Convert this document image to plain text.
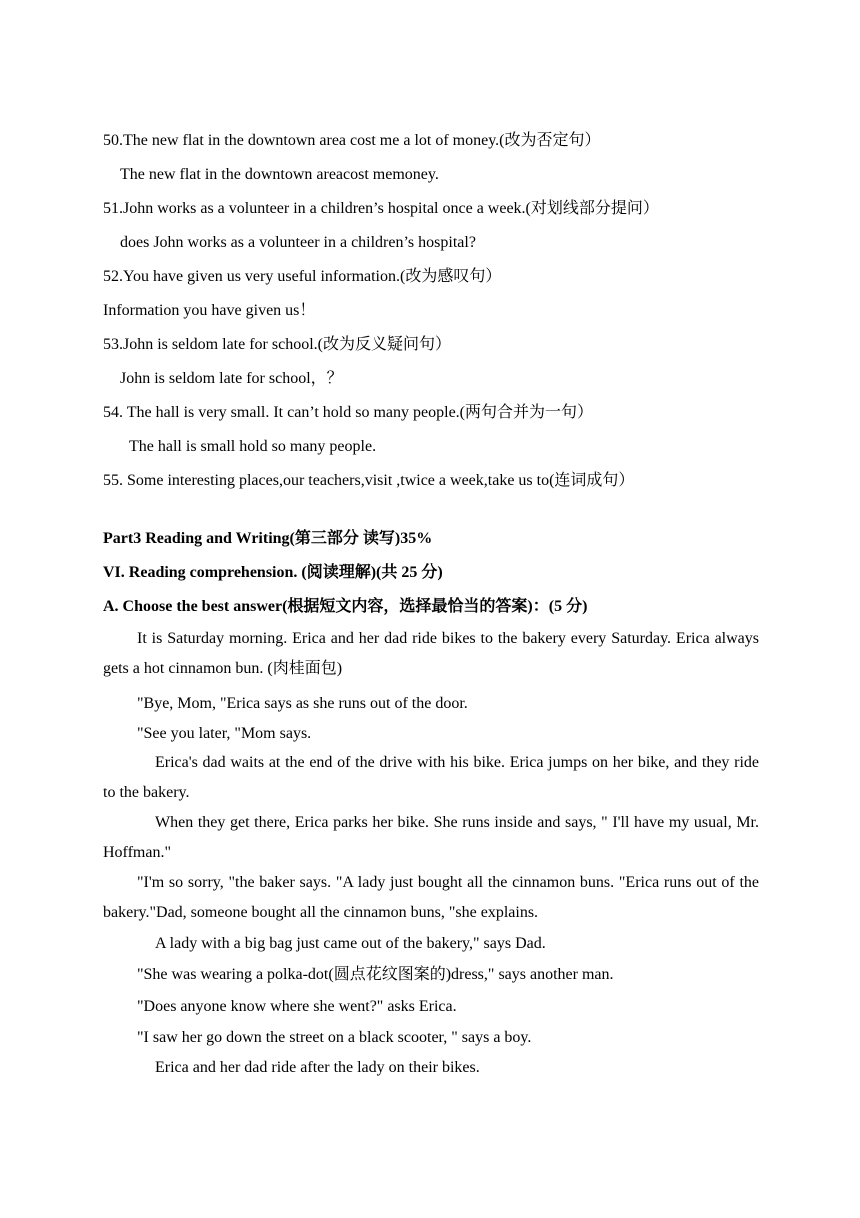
50.The new flat in the downtown area cost me a lot of money.(改为否定句）
The new flat in the downtown areacost memoney.
51.John works as a volunteer in a children’s hospital once a week.(对划线部分提问）
does John works as a volunteer in a children’s hospital?
52.You have given us very useful information.(改为感叹句）
Information you have given us！
53.John is seldom late for school.(改为反义疑问句）
John is seldom late for school，？
54. The hall is very small. It can’t hold so many people.(两句合并为一句）
The hall is small hold so many people.
55. Some interesting places,our teachers,visit ,twice a week,take us to(连词成句）
Part3 Reading and Writing(第三部分 读写)35%
VI. Reading comprehension. (阅读理解)(共 25 分)
A. Choose the best answer(根据短文内容，选择最恰当的答案)：(5 分)
It is Saturday morning. Erica and her dad ride bikes to the bakery every Saturday. Erica always gets a hot cinnamon bun. (肉桂面包)
"Bye, Mom, "Erica says as she runs out of the door.
"See you later, "Mom says.
Erica's dad waits at the end of the drive with his bike. Erica jumps on her bike, and they ride to the bakery.
When they get there, Erica parks her bike. She runs inside and says, " I'll have my usual, Mr. Hoffman."
"I'm so sorry, "the baker says. "A lady just bought all the cinnamon buns. "Erica runs out of the bakery."Dad, someone bought all the cinnamon buns, "she explains.
A lady with a big bag just came out of the bakery," says Dad.
"She was wearing a polka-dot(圆点花纹图案的)dress," says another man.
"Does anyone know where she went?" asks Erica.
"I saw her go down the street on a black scooter, " says a boy.
Erica and her dad ride after the lady on their bikes.
